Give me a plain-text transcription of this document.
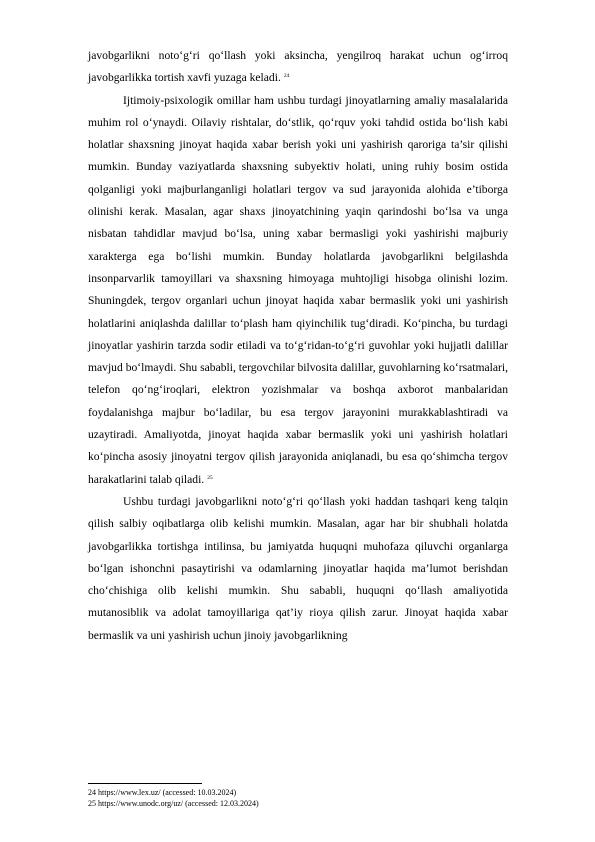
javobgarlikni noto‘g‘ri qo‘llash yoki aksincha, yengilroq harakat uchun og‘irroq javobgarlikka tortish xavfi yuzaga keladi. $^{24}$

Ijtimoiy-psixologik omillar ham ushbu turdagi jinoyatlarning amaliy masalalarida muhim rol o‘ynaydi. Oilaviy rishtalar, do‘stlik, qo‘rquv yoki tahdid ostida bo‘lish kabi holatlar shaxsning jinoyat haqida xabar berish yoki uni yashirish qaroriga ta’sir qilishi mumkin. Bunday vaziyatlarda shaxsning subyektiv holati, uning ruhiy bosim ostida qolganligi yoki majburlanganligi holatlari tergov va sud jarayonida alohida e’tiborga olinishi kerak. Masalan, agar shaxs jinoyatchining yaqin qarindoshi bo‘lsa va unga nisbatan tahdidlar mavjud bo‘lsa, uning xabar bermasligi yoki yashirishi majburiy xarakterga ega bo‘lishi mumkin. Bunday holatlarda javobgarlikni belgilashda insonparvarlik tamoyillari va shaxsning himoyaga muhtojligi hisobga olinishi lozim. Shuningdek, tergov organlari uchun jinoyat haqida xabar bermaslik yoki uni yashirish holatlarini aniqlashda dalillar to‘plash ham qiyinchilik tug‘diradi. Ko‘pincha, bu turdagi jinoyatlar yashirin tarzda sodir etiladi va to‘g‘ridan-to‘g‘ri guvohlar yoki hujjatli dalillar mavjud bo‘lmaydi. Shu sababli, tergovchilar bilvosita dalillar, guvohlarning ko‘rsatmalari, telefon qo‘ng‘iroqlari, elektron yozishmalar va boshqa axborot manbalaridan foydalanishga majbur bo‘ladilar, bu esa tergov jarayonini murakkablashtiradi va uzaytiradi. Amaliyotda, jinoyat haqida xabar bermaslik yoki uni yashirish holatlari ko‘pincha asosiy jinoyatni tergov qilish jarayonida aniqlanadi, bu esa qo‘shimcha tergov harakatlarini talab qiladi. $^{25}$

Ushbu turdagi javobgarlikni noto‘g‘ri qo‘llash yoki haddan tashqari keng talqin qilish salbiy oqibatlarga olib kelishi mumkin. Masalan, agar har bir shubhali holatda javobgarlikka tortishga intilinsa, bu jamiyatda huquqni muhofaza qiluvchi organlarga bo‘lgan ishonchni pasaytirishi va odamlarning jinoyatlar haqida ma’lumot berishdan cho‘chishiga olib kelishi mumkin. Shu sababli, huquqni qo‘llash amaliyotida mutanosiblik va adolat tamoyillariga qat’iy rioya qilish zarur. Jinoyat haqida xabar bermaslik va uni yashirish uchun jinoiy javobgarlikning

24 https://www.lex.uz/ (accessed: 10.03.2024)

25 https://www.unodc.org/uz/ (accessed: 12.03.2024)
